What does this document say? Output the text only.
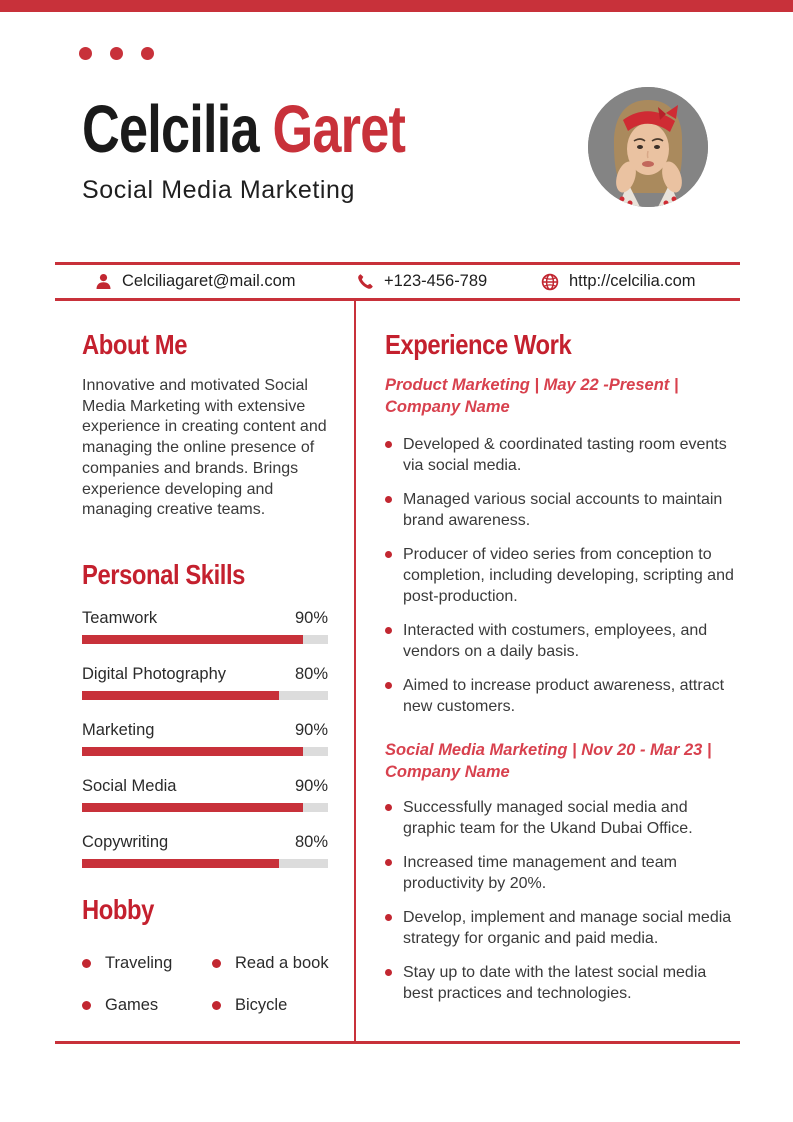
Celcilia Garet

Social Media Marketing

Celciliagaret@mail.com	+123-456-789	http://celcilia.com
About Me

Innovative and motivated Social Media Marketing with extensive experience in creating content and managing the online presence of companies and brands. Brings experience developing and managing creative teams.

Personal Skills
Teamwork	90%
Digital Photography	80%
Marketing	90%
Social Media	90%
Copywriting	80%
Hobby
Traveling	Read a book
Games	Bicycle
Experience Work

Product Marketing | May 22 -Present | Company Name

Developed & coordinated tasting room events via social media.
Managed various social accounts to maintain brand awareness.
Producer of video series from conception to completion, including developing, scripting and post-production.
Interacted with costumers, employees, and vendors on a daily basis.
Aimed to increase product awareness, attract new customers.

Social Media Marketing | Nov 20 - Mar 23 | Company Name

Successfully managed social media and graphic team for the Ukand Dubai Office.
Increased time management and team productivity by 20%.
Develop, implement and manage social media strategy for organic and paid media.
Stay up to date with the latest social media best practices and technologies.
